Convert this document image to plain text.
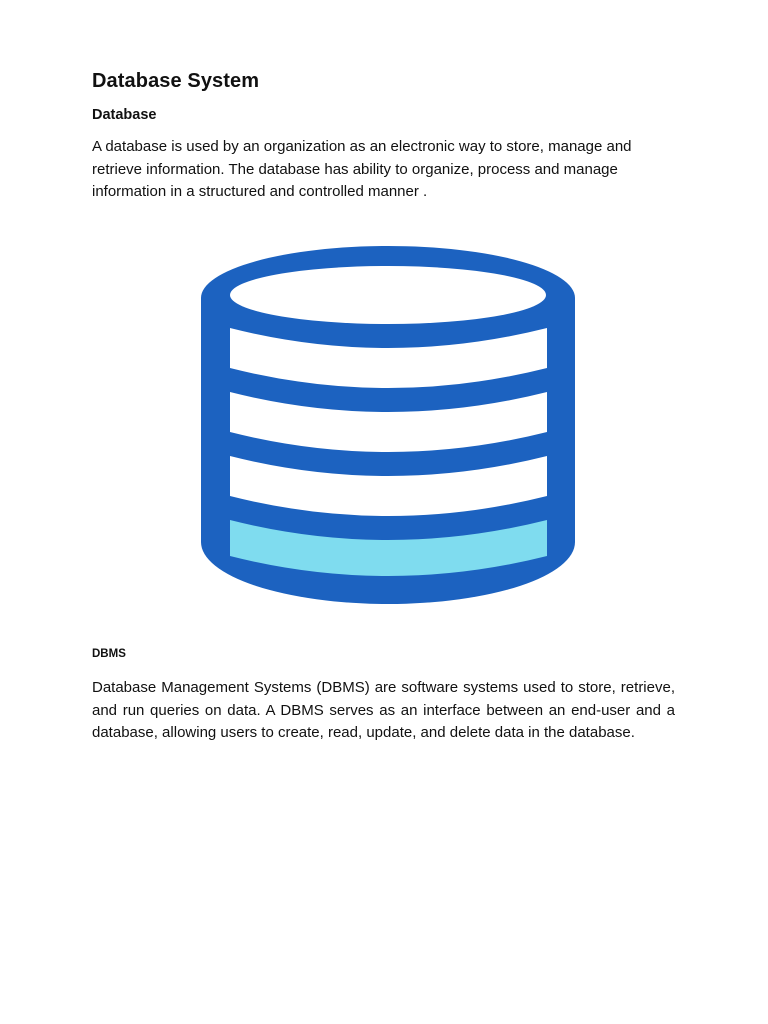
Database System
Database

A database is used by an organization as an electronic way to store, manage and retrieve information. The database has ability to organize, process and manage information in a structured and controlled manner .

DBMS

Database Management Systems (DBMS) are software systems used to store, retrieve, and run queries on data. A DBMS serves as an interface between an end-user and a database, allowing users to create, read, update, and delete data in the database.
